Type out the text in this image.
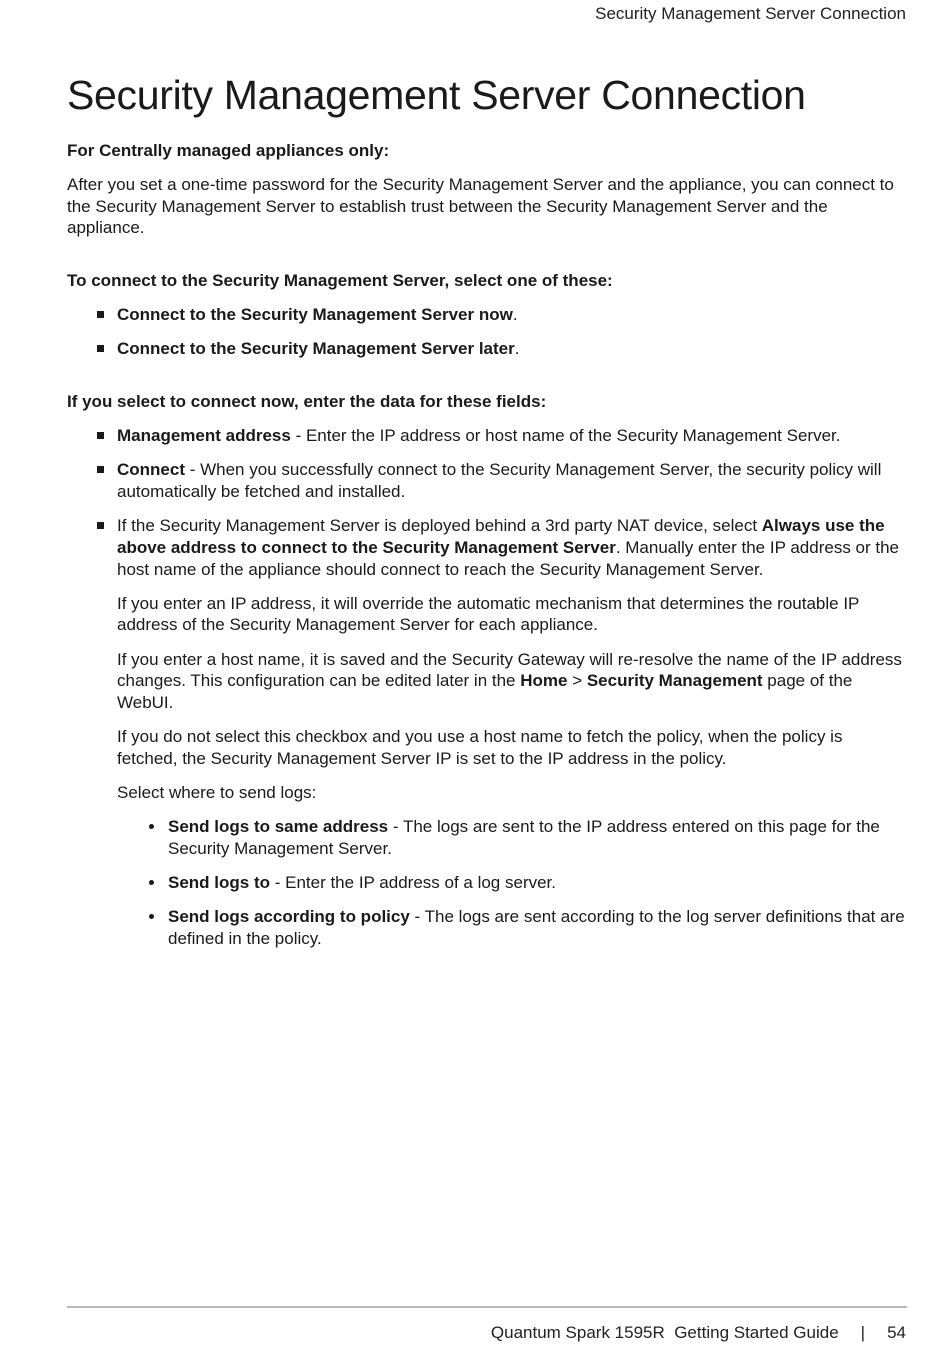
Security Management Server Connection
Security Management Server Connection

For Centrally managed appliances only:

After you set a one-time password for the Security Management Server and the appliance, you can connect to the Security Management Server to establish trust between the Security Management Server and the appliance.

To connect to the Security Management Server, select one of these:

Connect to the Security Management Server now.
Connect to the Security Management Server later.

If you select to connect now, enter the data for these fields:

Management address - Enter the IP address or host name of the Security Management Server.
Connect - When you successfully connect to the Security Management Server, the security policy will automatically be fetched and installed.
If the Security Management Server is deployed behind a 3rd party NAT device, select Always use the above address to connect to the Security Management Server. Manually enter the IP address or the host name of the appliance should connect to reach the Security Management Server.

If you enter an IP address, it will override the automatic mechanism that determines the routable IP address of the Security Management Server for each appliance.

If you enter a host name, it is saved and the Security Gateway will re-resolve the name of the IP address changes. This configuration can be edited later in the Home > Security Management page of the WebUI.

If you do not select this checkbox and you use a host name to fetch the policy, when the policy is fetched, the Security Management Server IP is set to the IP address in the policy.

Select where to send logs:

Send logs to same address - The logs are sent to the IP address entered on this page for the Security Management Server.
Send logs to - Enter the IP address of a log server.
Send logs according to policy - The logs are sent according to the log server definitions that are defined in the policy.
Quantum Spark 1595R  Getting Started Guide | 54
